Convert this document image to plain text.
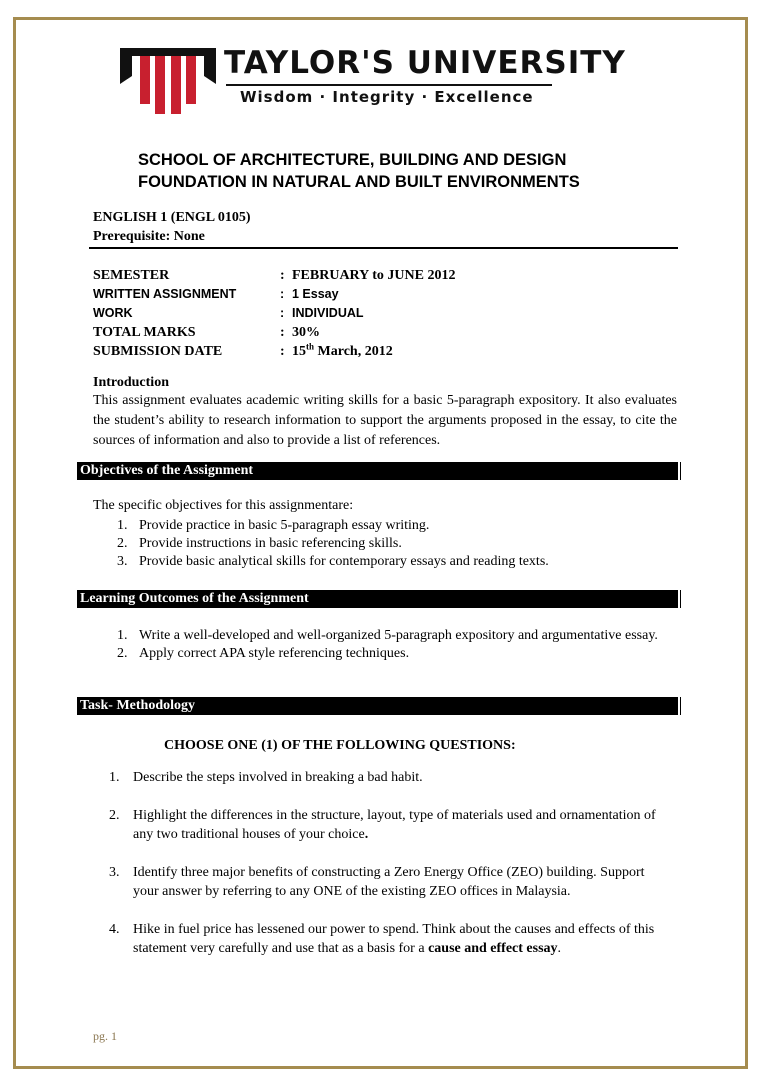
TAYLOR'S UNIVERSITY
Wisdom · Integrity · Excellence
SCHOOL OF ARCHITECTURE, BUILDING AND DESIGN
FOUNDATION IN NATURAL AND BUILT ENVIRONMENTS
ENGLISH 1 (ENGL 0105)
Prerequisite: None
SEMESTER	: FEBRUARY to JUNE 2012
WRITTEN ASSIGNMENT	: 1 Essay
WORK	: INDIVIDUAL
TOTAL MARKS	: 30%
SUBMISSION DATE	: 15th March, 2012
Introduction
This assignment evaluates academic writing skills for a basic 5-paragraph expository. It also evaluates the student’s ability to research information to support the arguments proposed in the essay, to cite the sources of information and also to provide a list of references.
Objectives of the Assignment
The specific objectives for this assignmentare:
1. Provide practice in basic 5-paragraph essay writing.
2. Provide instructions in basic referencing skills.
3. Provide basic analytical skills for contemporary essays and reading texts.
Learning Outcomes of the Assignment
1. Write a well-developed and well-organized 5-paragraph expository and argumentative essay.
2. Apply correct APA style referencing techniques.
Task- Methodology
CHOOSE ONE (1) OF THE FOLLOWING QUESTIONS:
1. Describe the steps involved in breaking a bad habit.
2. Highlight the differences in the structure, layout, type of materials used and ornamentation of any two traditional houses of your choice.
3. Identify three major benefits of constructing a Zero Energy Office (ZEO) building. Support your answer by referring to any ONE of the existing ZEO offices in Malaysia.
4. Hike in fuel price has lessened our power to spend. Think about the causes and effects of this statement very carefully and use that as a basis for a cause and effect essay.
pg. 1
